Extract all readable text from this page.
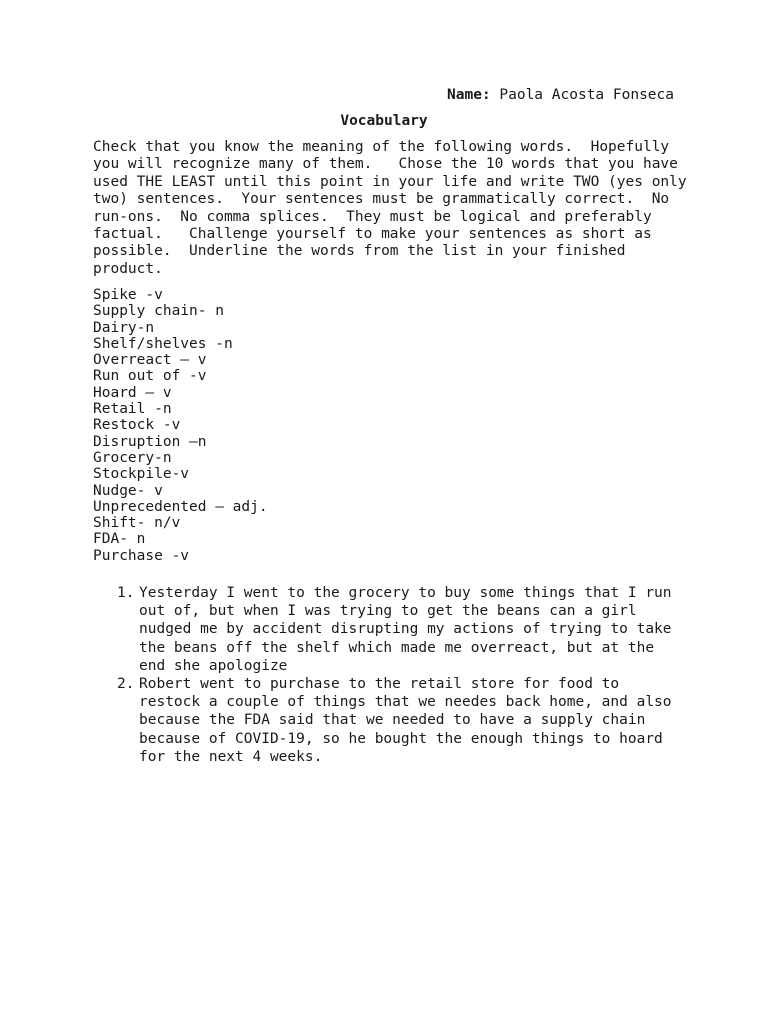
Name: Paola Acosta Fonseca
Vocabulary

Check that you know the meaning of the following words.  Hopefully
you will recognize many of them.   Chose the 10 words that you have
used THE LEAST until this point in your life and write TWO (yes only
two) sentences.  Your sentences must be grammatically correct.  No
run-ons.  No comma splices.  They must be logical and preferably
factual.   Challenge yourself to make your sentences as short as
possible.  Underline the words from the list in your finished
product.

Spike -v
Supply chain- n
Dairy-n
Shelf/shelves -n
Overreact – v
Run out of -v
Hoard – v
Retail -n
Restock -v
Disruption –n
Grocery-n
Stockpile-v
Nudge- v
Unprecedented – adj.
Shift- n/v
FDA- n
Purchase -v
1. Yesterday I went to the grocery to buy some things that I run
out of, but when I was trying to get the beans can a girl
nudged me by accident disrupting my actions of trying to take
the beans off the shelf which made me overreact, but at the
end she apologize
2. Robert went to purchase to the retail store for food to
restock a couple of things that we needes back home, and also
because the FDA said that we needed to have a supply chain
because of COVID-19, so he bought the enough things to hoard
for the next 4 weeks.
